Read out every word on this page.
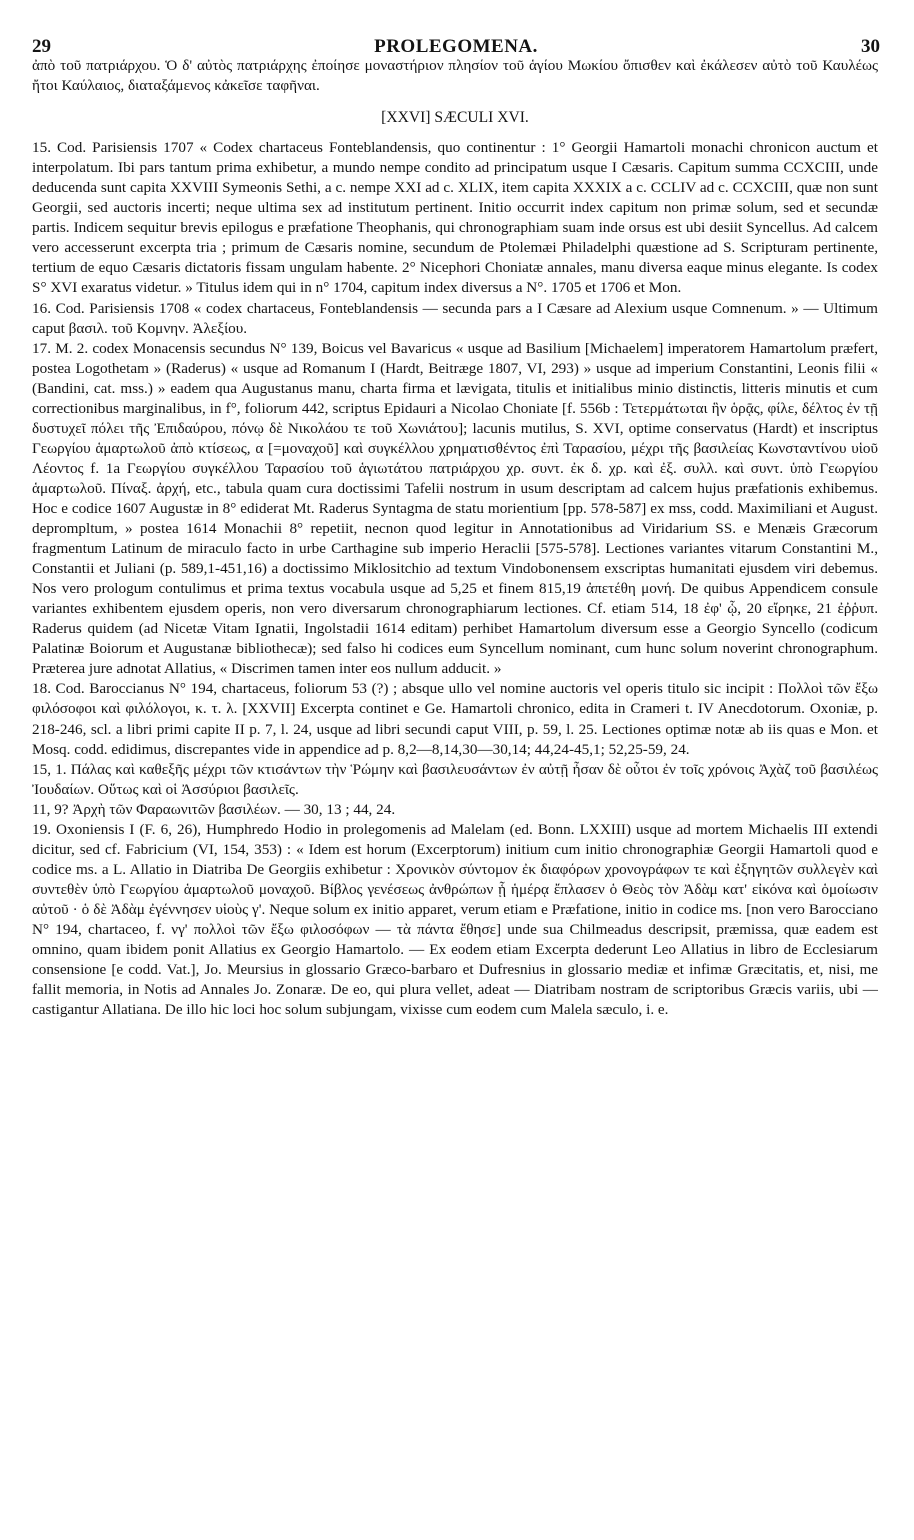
29	PROLEGOMENA.	30

ἀπὸ τοῦ πατριάρχου. Ὁ δ' αὐτὸς πατριάρχης ἐποίησε μοναστήριον πλησίον τοῦ ἁγίου Μωκίου ὄπισθεν καὶ ἐκάλεσεν αὐτὸ τοῦ Καυλέως ἤτοι Καύλαιος, διαταξάμενος κἀκεῖσε ταφῆναι.

[XXVI] SÆCULI XVI.

15. Cod. Parisiensis 1707 « Codex chartaceus Fonteblandensis, quo continentur : 1° Georgii Hamartoli monachi chronicon auctum et interpolatum. Ibi pars tantum prima exhibetur, a mundo nempe condito ad principatum usque I Cæsaris. Capitum summa CCXCIII, unde deducenda sunt capita XXVIII Symeonis Sethi, a c. nempe XXI ad c. XLIX, item capita XXXIX a c. CCLIV ad c. CCXCIII, quæ non sunt Georgii, sed auctoris incerti; neque ultima sex ad institutum pertinent. Initio occurrit index capitum non primæ solum, sed et secundæ partis. Indicem sequitur brevis epilogus e præfatione Theophanis, qui chronographiam suam inde orsus est ubi desiit Syncellus. Ad calcem vero accesserunt excerpta tria ; primum de Cæsaris nomine, secundum de Ptolemæi Philadelphi quæstione ad S. Scripturam pertinente, tertium de equo Cæsaris dictatoris fissam ungulam habente. 2° Nicephori Choniatæ annales, manu diversa eaque minus elegante. Is codex S° XVI exaratus videtur. » Titulus idem qui in n° 1704, capitum index diversus a N°. 1705 et 1706 et Mon.

16. Cod. Parisiensis 1708 « codex chartaceus, Fonteblandensis — secunda pars a I Cæsare ad Alexium usque Comnenum. » — Ultimum caput βασιλ. τοῦ Κομνην. Ἀλεξίου.

17. M. 2. codex Monacensis secundus N° 139, Boicus vel Bavaricus « usque ad Basilium [Michaelem] imperatorem Hamartolum præfert, postea Logothetam » (Raderus) « usque ad Romanum I (Hardt, Beitræge 1807, VI, 293) » usque ad imperium Constantini, Leonis filii « (Bandini, cat. mss.) » eadem qua Augustanus manu, charta firma et lævigata, titulis et initialibus minio distinctis, litteris minutis et cum correctionibus marginalibus, in f°, foliorum 442, scriptus Epidauri a Nicolao Choniate [f. 556b : Τετερμάτωται ἣν ὁρᾷς, φίλε, δέλτος ἐν τῇ δυστυχεῖ πόλει τῆς Ἐπιδαύρου, πόνῳ δὲ Νικολάου τε τοῦ Χωνιάτου]; lacunis mutilus, S. XVI, optime conservatus (Hardt) et inscriptus Γεωργίου ἁμαρτωλοῦ ἀπὸ κτίσεως, α [=μοναχοῦ] καὶ συγκέλλου χρηματισθέντος ἐπὶ Ταρασίου, μέχρι τῆς βασιλείας Κωνσταντίνου υἱοῦ Λέοντος f. 1a Γεωργίου συγκέλλου Ταρασίου τοῦ ἁγιωτάτου πατριάρχου χρ. συντ. ἐκ δ. χρ. καὶ ἐξ. συλλ. καὶ συντ. ὑπὸ Γεωργίου ἁμαρτωλοῦ. Πίναξ. ἀρχή, etc., tabula quam cura doctissimi Tafelii nostrum in usum descriptam ad calcem hujus præfationis exhibemus. Hoc e codice 1607 Augustæ in 8° ediderat Mt. Raderus Syntagma de statu morientium [pp. 578-587] ex mss, codd. Maximiliani et August. deprompltum, » postea 1614 Monachii 8° repetiit, necnon quod legitur in Annotationibus ad Viridarium SS. e Menæis Græcorum fragmentum Latinum de miraculo facto in urbe Carthagine sub imperio Heraclii [575-578]. Lectiones variantes vitarum Constantini M., Constantii et Juliani (p. 589,1-451,16) a doctissimo Miklositchio ad textum Vindobonensem exscriptas humanitati ejusdem viri debemus. Nos vero prologum contulimus et prima textus vocabula usque ad 5,25 et finem 815,19 ἀπετέθη μονή. De quibus Appendicem consule variantes exhibentem ejusdem operis, non vero diversarum chronographiarum lectiones. Cf. etiam 514, 18 ἐφ' ᾧ, 20 εἴρηκε, 21 ἐῤῥυπ. Raderus quidem (ad Nicetæ Vitam Ignatii, Ingolstadii 1614 editam) perhibet Hamartolum diversum esse a Georgio Syncello (codicum Palatinæ Boiorum et Augustanæ bibliothecæ); sed falso hi codices eum Syncellum nominant, cum hunc solum noverint chronographum. Præterea jure adnotat Allatius, « Discrimen tamen inter eos nullum adducit. »

18. Cod. Baroccianus N° 194, chartaceus, foliorum 53 (?) ; absque ullo vel nomine auctoris vel operis titulo sic incipit : Πολλοὶ τῶν ἔξω φιλόσοφοι καὶ φιλόλογοι, κ. τ. λ. [XXVII] Excerpta continet e Ge. Hamartoli chronico, edita in Crameri t. IV Anecdotorum. Oxoniæ, p. 218-246, scl. a libri primi capite II p. 7, l. 24, usque ad libri secundi caput VIII, p. 59, l. 25. Lectiones optimæ notæ ab iis quas e Mon. et Mosq. codd. edidimus, discrepantes vide in appendice ad p. 8,2—8,14,30—30,14; 44,24-45,1; 52,25-59, 24.

15, 1. Πάλας καὶ καθεξῆς μέχρι τῶν κτισάντων τὴν Ῥώμην καὶ βασιλευσάντων ἐν αὐτῇ ἦσαν δὲ οὗτοι ἐν τοῖς χρόνοις Ἀχὰζ τοῦ βασιλέως Ἰουδαίων. Οὕτως καὶ οἱ Ἀσσύριοι βασιλεῖς.

11, 9? Ἀρχὴ τῶν Φαραωνιτῶν βασιλέων. — 30, 13 ; 44, 24.

19. Oxoniensis I (F. 6, 26), Humphredo Hodio in prolegomenis ad Malelam (ed. Bonn. LXXIII) usque ad mortem Michaelis III extendi dicitur, sed cf. Fabricium (VI, 154, 353) : « Idem est horum (Excerptorum) initium cum initio chronographiæ Georgii Hamartoli quod e codice ms. a L. Allatio in Diatriba De Georgiis exhibetur : Χρονικὸν σύντομον ἐκ διαφόρων χρονογράφων τε καὶ ἐξηγητῶν συλλεγὲν καὶ συντεθὲν ὑπὸ Γεωργίου ἁμαρτωλοῦ μοναχοῦ. Βίβλος γενέσεως ἀνθρώπων ᾗ ἡμέρᾳ ἔπλασεν ὁ Θεὸς τὸν Ἀδὰμ κατ' εἰκόνα καὶ ὁμοίωσιν αὐτοῦ · ὁ δὲ Ἀδὰμ ἐγέννησεν υἱοὺς γ'. Neque solum ex initio apparet, verum etiam e Præfatione, initio in codice ms. [non vero Barocciano N° 194, chartaceo, f. νγ' πολλοὶ τῶν ἔξω φιλοσόφων — τὰ πάντα ἔθησε] unde sua Chilmeadus descripsit, præmissa, quæ eadem est omnino, quam ibidem ponit Allatius ex Georgio Hamartolo. — Ex eodem etiam Excerpta dederunt Leo Allatius in libro de Ecclesiarum consensione [e codd. Vat.], Jo. Meursius in glossario Græco-barbaro et Dufresnius in glossario mediæ et infimæ Græcitatis, et, nisi, me fallit memoria, in Notis ad Annales Jo. Zonaræ. De eo, qui plura vellet, adeat — Diatribam nostram de scriptoribus Græcis variis, ubi — castigantur Allatiana. De illo hic loci hoc solum subjungam, vixisse cum eodem cum Malela sæculo, i. e.
